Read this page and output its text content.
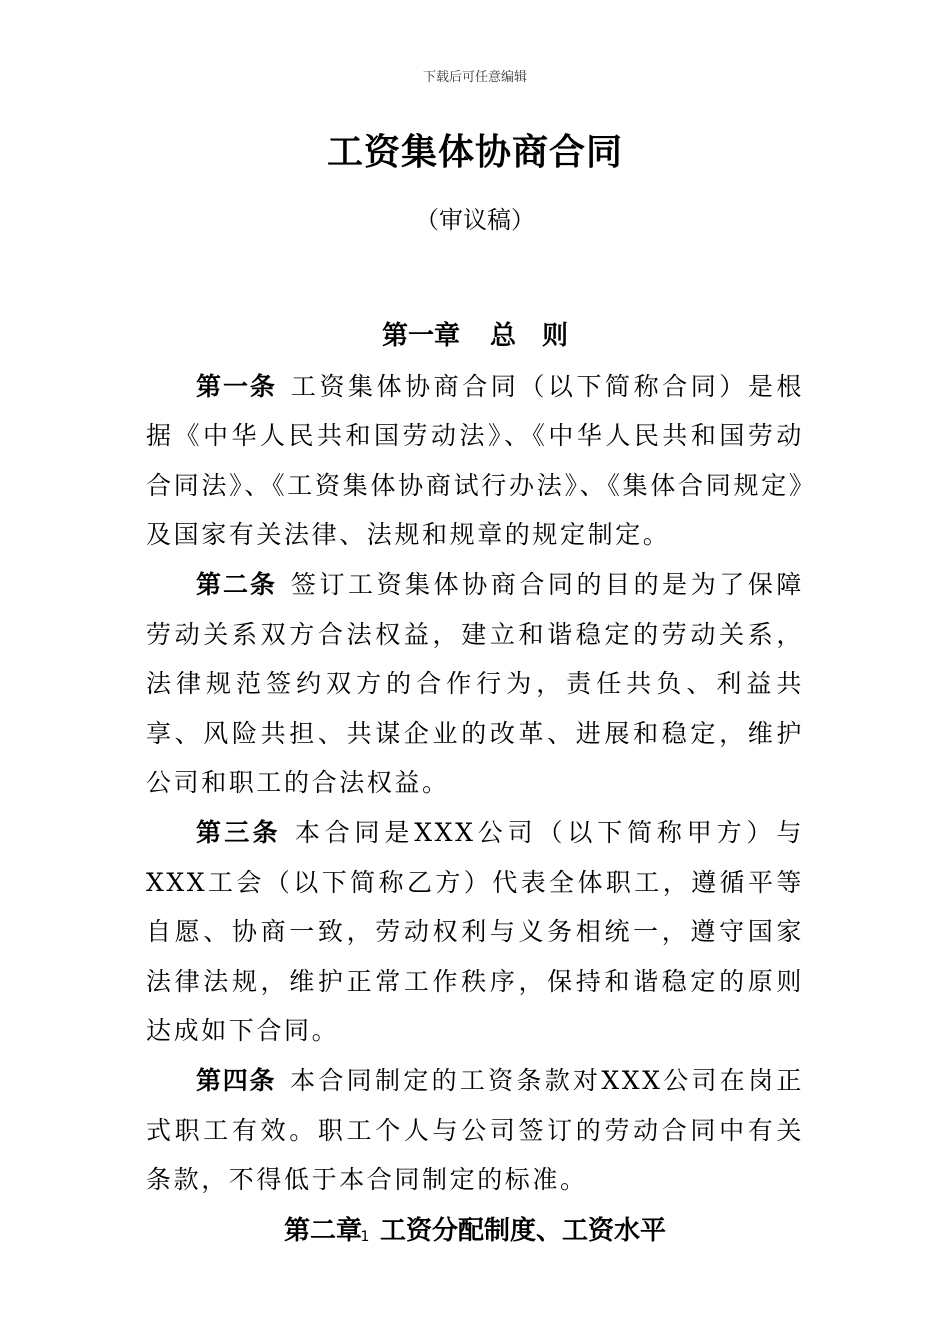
下载后可任意编辑
工资集体协商合同

（审议稿）

第一章 总　则

第一条 工资集体协商合同（以下简称合同）是根据《中华人民共和国劳动法》、《中华人民共和国劳动合同法》、《工资集体协商试行办法》、《集体合同规定》及国家有关法律、法规和规章的规定制定。

第二条 签订工资集体协商合同的目的是为了保障劳动关系双方合法权益，建立和谐稳定的劳动关系，法律规范签约双方的合作行为，责任共负、利益共享、风险共担、共谋企业的改革、进展和稳定，维护公司和职工的合法权益。

第三条 本合同是XXX公司（以下简称甲方）与XXX工会（以下简称乙方）代表全体职工，遵循平等自愿、协商一致，劳动权利与义务相统一，遵守国家法律法规，维护正常工作秩序，保持和谐稳定的原则达成如下合同。

第四条 本合同制定的工资条款对XXX公司在岗正式职工有效。职工个人与公司签订的劳动合同中有关条款，不得低于本合同制定的标准。

第二章 工资分配制度、工资水平
1
